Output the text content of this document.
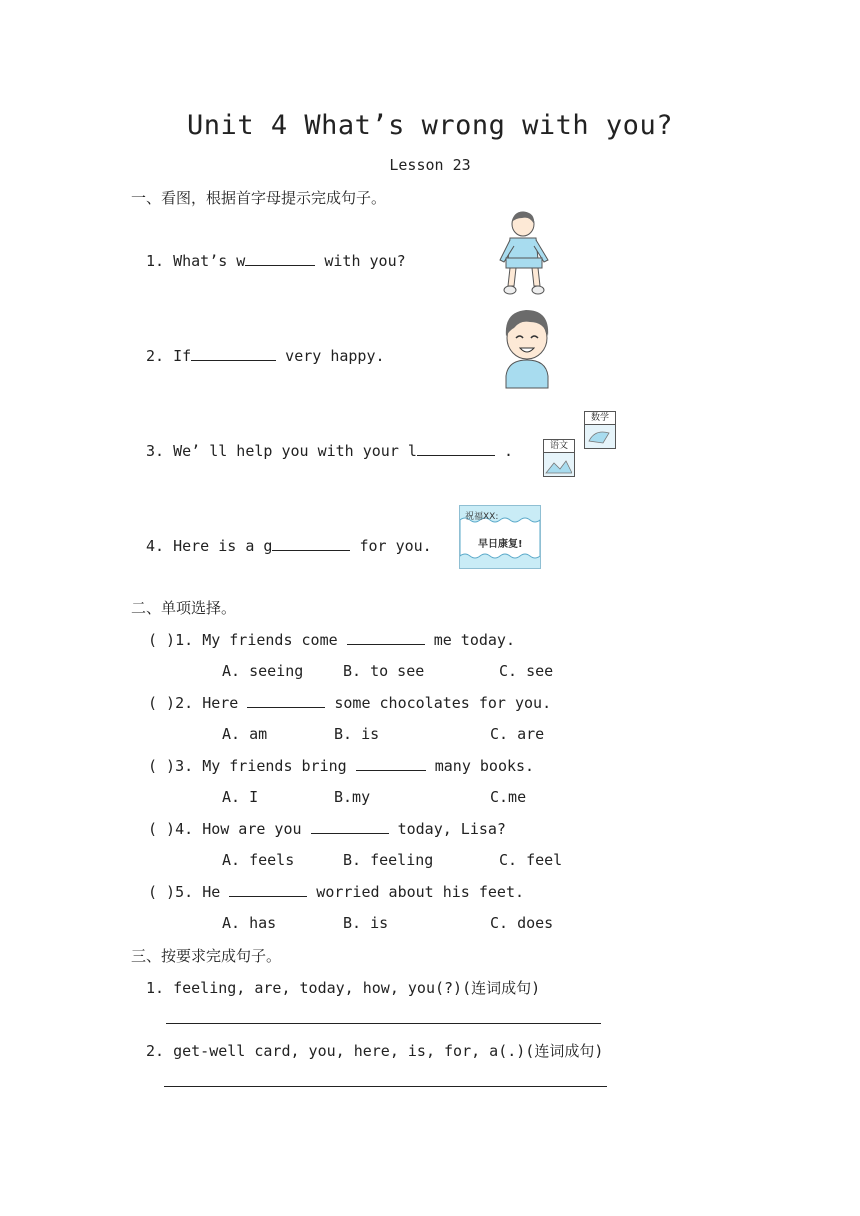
Unit 4 What’s wrong with you?
Lesson 23
一、看图，根据首字母提示完成句子。
1. What’s w	with you?
2. If	very happy.
3. We’ ll help you with your l	.
4. Here is a g	for you.
数学
语文
祝福XX:
早日康复!
二、单项选择。
( )1. My friends come	me today.
A. seeing	B. to see	C. see
( )2. Here	some chocolates for you.
A. am	B. is	C. are
( )3. My friends bring	many books.
A. I	B.my	C.me
( )4. How are you	today, Lisa?
A. feels	B. feeling	C. feel
( )5. He	worried about his feet.
A. has	B. is	C. does
三、按要求完成句子。
1. feeling, are, today, how, you(?)(连词成句)
2. get-well card, you, here, is, for, a(.)(连词成句)
